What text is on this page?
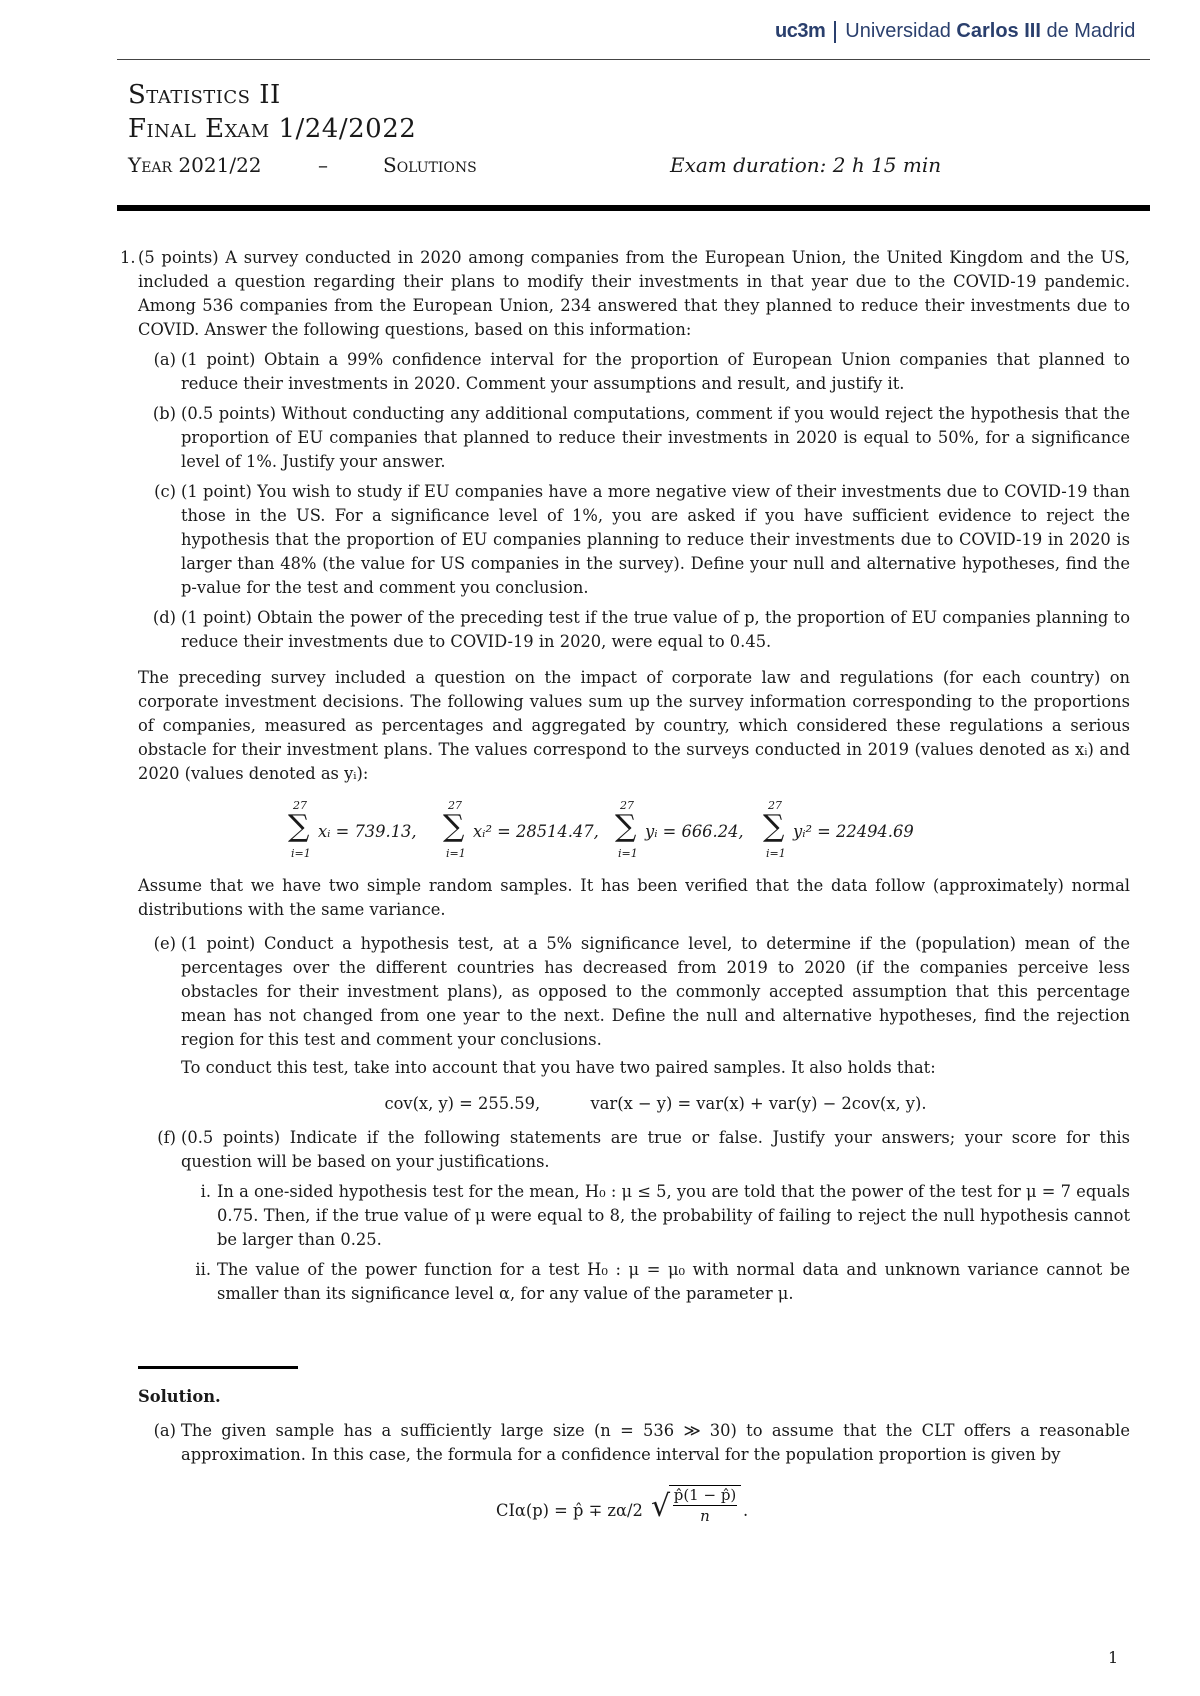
uc3m Universidad Carlos III de Madrid
Statistics II
Final Exam 1/24/2022
Year 2021/22	–	Solutions	Exam duration: 2 h 15 min
1. (5 points) A survey conducted in 2020 among companies from the European Union, the United Kingdom and the US, included a question regarding their plans to modify their investments in that year due to the COVID-19 pandemic. Among 536 companies from the European Union, 234 answered that they planned to reduce their investments due to COVID. Answer the following questions, based on this information:

(a) (1 point) Obtain a 99% confidence interval for the proportion of European Union companies that planned to reduce their investments in 2020. Comment your assumptions and result, and justify it.

(b) (0.5 points) Without conducting any additional computations, comment if you would reject the hypothesis that the proportion of EU companies that planned to reduce their investments in 2020 is equal to 50%, for a significance level of 1%. Justify your answer.

(c) (1 point) You wish to study if EU companies have a more negative view of their investments due to COVID-19 than those in the US. For a significance level of 1%, you are asked if you have sufficient evidence to reject the hypothesis that the proportion of EU companies planning to reduce their investments due to COVID-19 in 2020 is larger than 48% (the value for US companies in the survey). Define your null and alternative hypotheses, find the p-value for the test and comment you conclusion.

(d) (1 point) Obtain the power of the preceding test if the true value of p, the proportion of EU companies planning to reduce their investments due to COVID-19 in 2020, were equal to 0.45.

The preceding survey included a question on the impact of corporate law and regulations (for each country) on corporate investment decisions. The following values sum up the survey information corresponding to the proportions of companies, measured as percentages and aggregated by country, which considered these regulations a serious obstacle for their investment plans. The values correspond to the surveys conducted in 2019 (values denoted as xᵢ) and 2020 (values denoted as yᵢ):

27
∑
i=1
xᵢ = 739.13,
27
∑
i=1
xᵢ² = 28514.47,
27
∑
i=1
yᵢ = 666.24,
27
∑
i=1
yᵢ² = 22494.69

Assume that we have two simple random samples. It has been verified that the data follow (approximately) normal distributions with the same variance.

(e) (1 point) Conduct a hypothesis test, at a 5% significance level, to determine if the (population) mean of the percentages over the different countries has decreased from 2019 to 2020 (if the companies perceive less obstacles for their investment plans), as opposed to the commonly accepted assumption that this percentage mean has not changed from one year to the next. Define the null and alternative hypotheses, find the rejection region for this test and comment your conclusions.

To conduct this test, take into account that you have two paired samples. It also holds that:

cov(x, y) = 255.59,	var(x − y) = var(x) + var(y) − 2cov(x, y).
(f) (0.5 points) Indicate if the following statements are true or false. Justify your answers; your score for this question will be based on your justifications.

i. In a one-sided hypothesis test for the mean, H₀ : μ ≤ 5, you are told that the power of the test for μ = 7 equals 0.75. Then, if the true value of μ were equal to 8, the probability of failing to reject the null hypothesis cannot be larger than 0.25.

ii. The value of the power function for a test H₀ : μ = μ₀ with normal data and unknown variance cannot be smaller than its significance level α, for any value of the parameter μ.

Solution.
(a) The given sample has a sufficiently large size (n = 536 ≫ 30) to assume that the CLT offers a reasonable approximation. In this case, the formula for a confidence interval for the population proportion is given by

CIα(p) = p̂ ∓ zα/2 √ p̂(1 − p̂)
n	.
1
